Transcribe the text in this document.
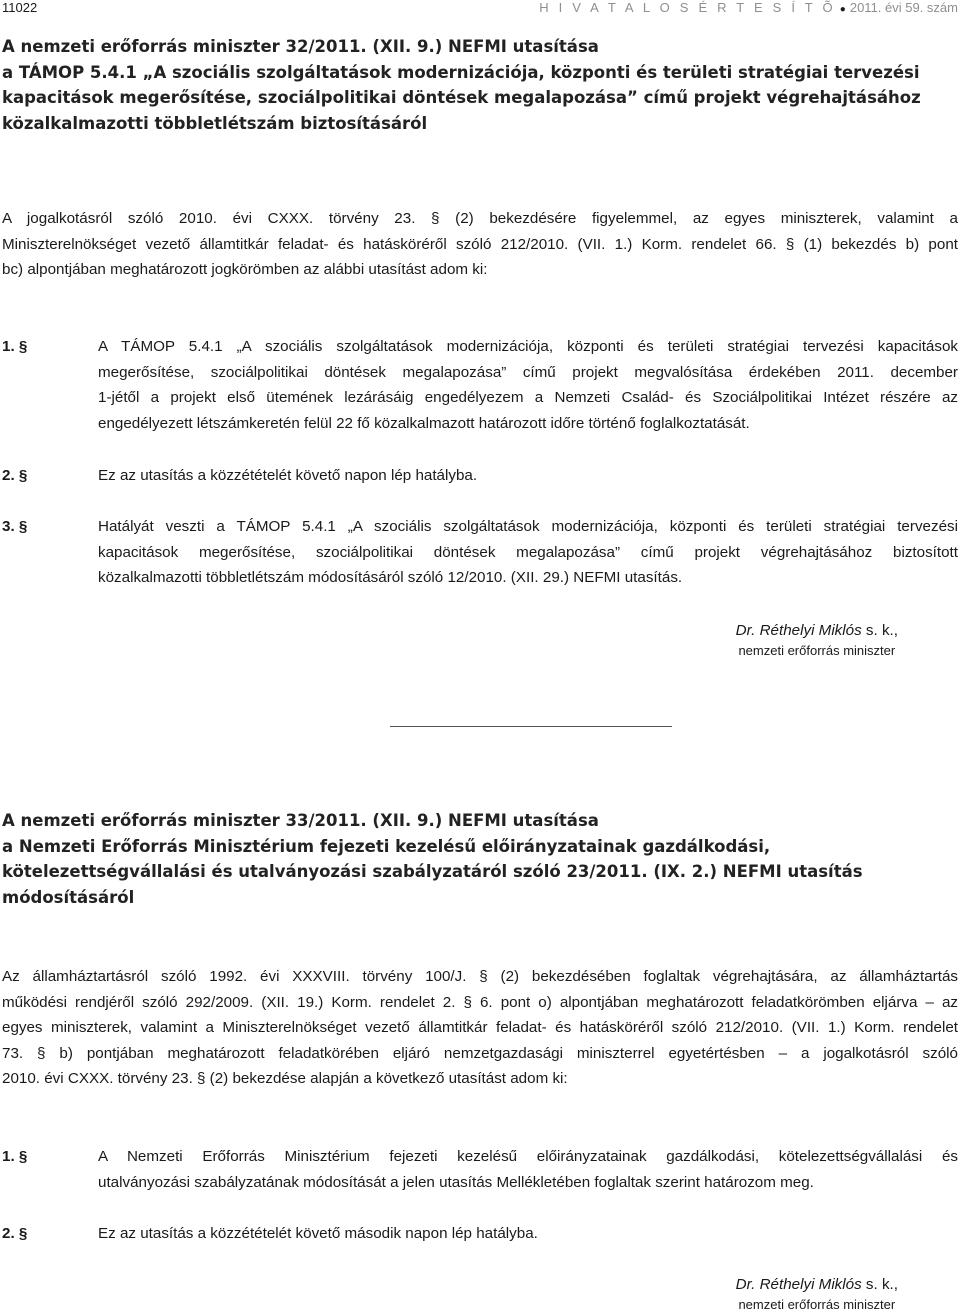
11022	H I V A T A L O S É R T E S Í T Õ ● 2011. évi 59. szám
A nemzeti erőforrás miniszter 32/2011. (XII. 9.) NEFMI utasítása
a TÁMOP 5.4.1 „A szociális szolgáltatások modernizációja, központi és területi stratégiai tervezési
kapacitások megerősítése, szociálpolitikai döntések megalapozása” című projekt végrehajtásához
közalkalmazotti többletlétszám biztosításáról
A jogalkotásról szóló 2010. évi CXXX. törvény 23. § (2) bekezdésére figyelemmel, az egyes miniszterek, valamint a
Miniszterelnökséget vezető államtitkár feladat- és hatásköréről szóló 212/2010. (VII. 1.) Korm. rendelet 66. § (1) bekezdés b) pont
bc) alpontjában meghatározott jogkörömben az alábbi utasítást adom ki:
1. §	A TÁMOP 5.4.1 „A szociális szolgáltatások modernizációja, központi és területi stratégiai tervezési kapacitások
megerősítése, szociálpolitikai döntések megalapozása” című projekt megvalósítása érdekében 2011. december
1-jétől a projekt első ütemének lezárásáig engedélyezem a Nemzeti Család- és Szociálpolitikai Intézet részére az
engedélyezett létszámkeretén felül 22 fő közalkalmazott határozott időre történő foglalkoztatását.
2. §	Ez az utasítás a közzétételét követő napon lép hatályba.
3. §	Hatályát veszti a TÁMOP 5.4.1 „A szociális szolgáltatások modernizációja, központi és területi stratégiai tervezési
kapacitások megerősítése, szociálpolitikai döntések megalapozása” című projekt végrehajtásához biztosított
közalkalmazotti többletlétszám módosításáról szóló 12/2010. (XII. 29.) NEFMI utasítás.
Dr. Réthelyi Miklós s. k.,
nemzeti erőforrás miniszter
A nemzeti erőforrás miniszter 33/2011. (XII. 9.) NEFMI utasítása
a Nemzeti Erőforrás Minisztérium fejezeti kezelésű előirányzatainak gazdálkodási,
kötelezettségvállalási és utalványozási szabályzatáról szóló 23/2011. (IX. 2.) NEFMI utasítás
módosításáról
Az államháztartásról szóló 1992. évi XXXVIII. törvény 100/J. § (2) bekezdésében foglaltak végrehajtására, az államháztartás
működési rendjéről szóló 292/2009. (XII. 19.) Korm. rendelet 2. § 6. pont o) alpontjában meghatározott feladatkörömben eljárva – az
egyes miniszterek, valamint a Miniszterelnökséget vezető államtitkár feladat- és hatásköréről szóló 212/2010. (VII. 1.) Korm. rendelet
73. § b) pontjában meghatározott feladatkörében eljáró nemzetgazdasági miniszterrel egyetértésben – a jogalkotásról szóló
2010. évi CXXX. törvény 23. § (2) bekezdése alapján a következő utasítást adom ki:
1. §	A Nemzeti Erőforrás Minisztérium fejezeti kezelésű előirányzatainak gazdálkodási, kötelezettségvállalási és
utalványozási szabályzatának módosítását a jelen utasítás Mellékletében foglaltak szerint határozom meg.
2. §	Ez az utasítás a közzétételét követő második napon lép hatályba.
Dr. Réthelyi Miklós s. k.,
nemzeti erőforrás miniszter
